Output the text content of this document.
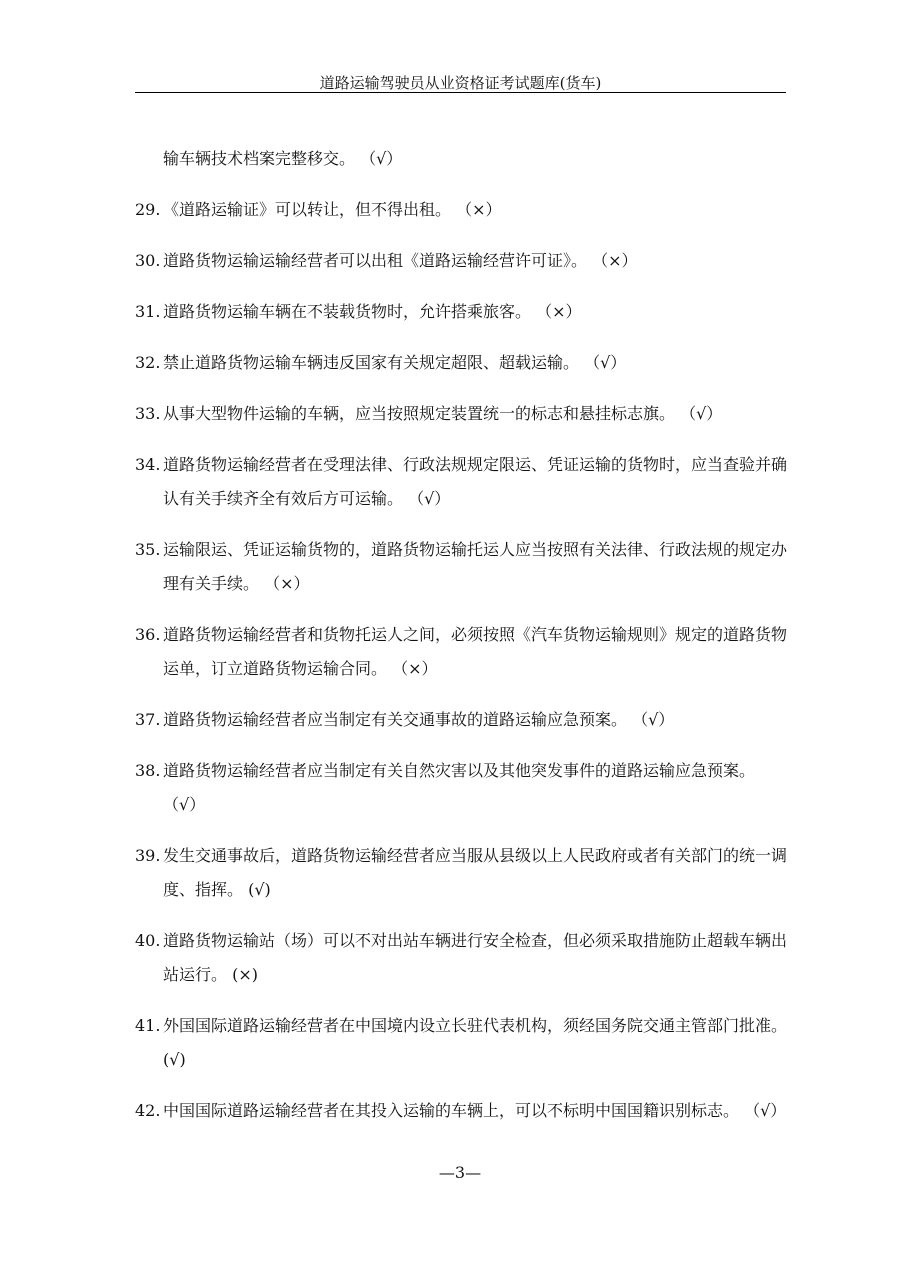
道路运输驾驶员从业资格证考试题库(货车)
输车辆技术档案完整移交。 （√）
29. 《道路运输证》可以转让，但不得出租。 （×）
30. 道路货物运输运输经营者可以出租《道路运输经营许可证》。 （×）
31. 道路货物运输车辆在不装载货物时，允许搭乘旅客。 （×）
32. 禁止道路货物运输车辆违反国家有关规定超限、超载运输。 （√）
33. 从事大型物件运输的车辆，应当按照规定装置统一的标志和悬挂标志旗。 （√）
34. 道路货物运输经营者在受理法律、行政法规规定限运、凭证运输的货物时，应当查验并确认有关手续齐全有效后方可运输。 （√）
35. 运输限运、凭证运输货物的，道路货物运输托运人应当按照有关法律、行政法规的规定办理有关手续。 （×）
36. 道路货物运输经营者和货物托运人之间，必须按照《汽车货物运输规则》规定的道路货物运单，订立道路货物运输合同。 （×）
37. 道路货物运输经营者应当制定有关交通事故的道路运输应急预案。 （√）
38. 道路货物运输经营者应当制定有关自然灾害以及其他突发事件的道路运输应急预案。 （√）
39. 发生交通事故后，道路货物运输经营者应当服从县级以上人民政府或者有关部门的统一调度、指挥。 (√)
40. 道路货物运输站（场）可以不对出站车辆进行安全检查，但必须采取措施防止超载车辆出站运行。 (×)
41. 外国国际道路运输经营者在中国境内设立长驻代表机构，须经国务院交通主管部门批准。 (√)
42. 中国国际道路运输经营者在其投入运输的车辆上，可以不标明中国国籍识别标志。 （√）
—3—
